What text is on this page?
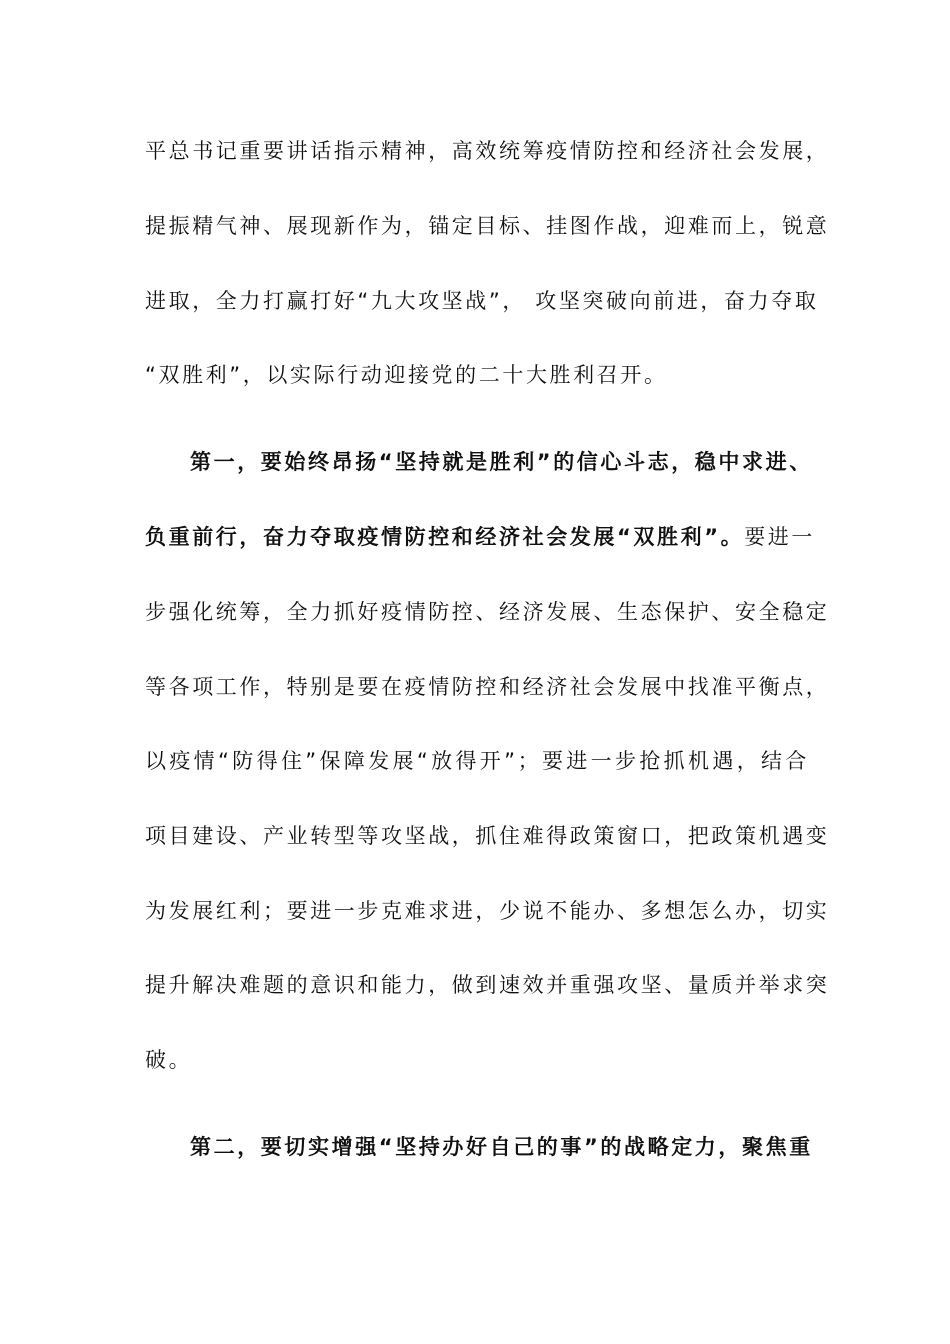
平总书记重要讲话指示精神，高效统筹疫情防控和经济社会发展，
提振精气神、展现新作为，锚定目标、挂图作战，迎难而上，锐意
进取，全力打赢打好“九大攻坚战”， 攻坚突破向前进，奋力夺取
“双胜利”，以实际行动迎接党的二十大胜利召开。
第一，要始终昂扬“坚持就是胜利”的信心斗志，稳中求进、
负重前行，奋力夺取疫情防控和经济社会发展“双胜利”。要进一
步强化统筹，全力抓好疫情防控、经济发展、生态保护、安全稳定
等各项工作，特别是要在疫情防控和经济社会发展中找准平衡点，
以疫情“防得住”保障发展“放得开”；要进一步抢抓机遇，结合
项目建设、产业转型等攻坚战，抓住难得政策窗口，把政策机遇变
为发展红利；要进一步克难求进，少说不能办、多想怎么办，切实
提升解决难题的意识和能力，做到速效并重强攻坚、量质并举求突
破。
第二，要切实增强“坚持办好自己的事”的战略定力，聚焦重
